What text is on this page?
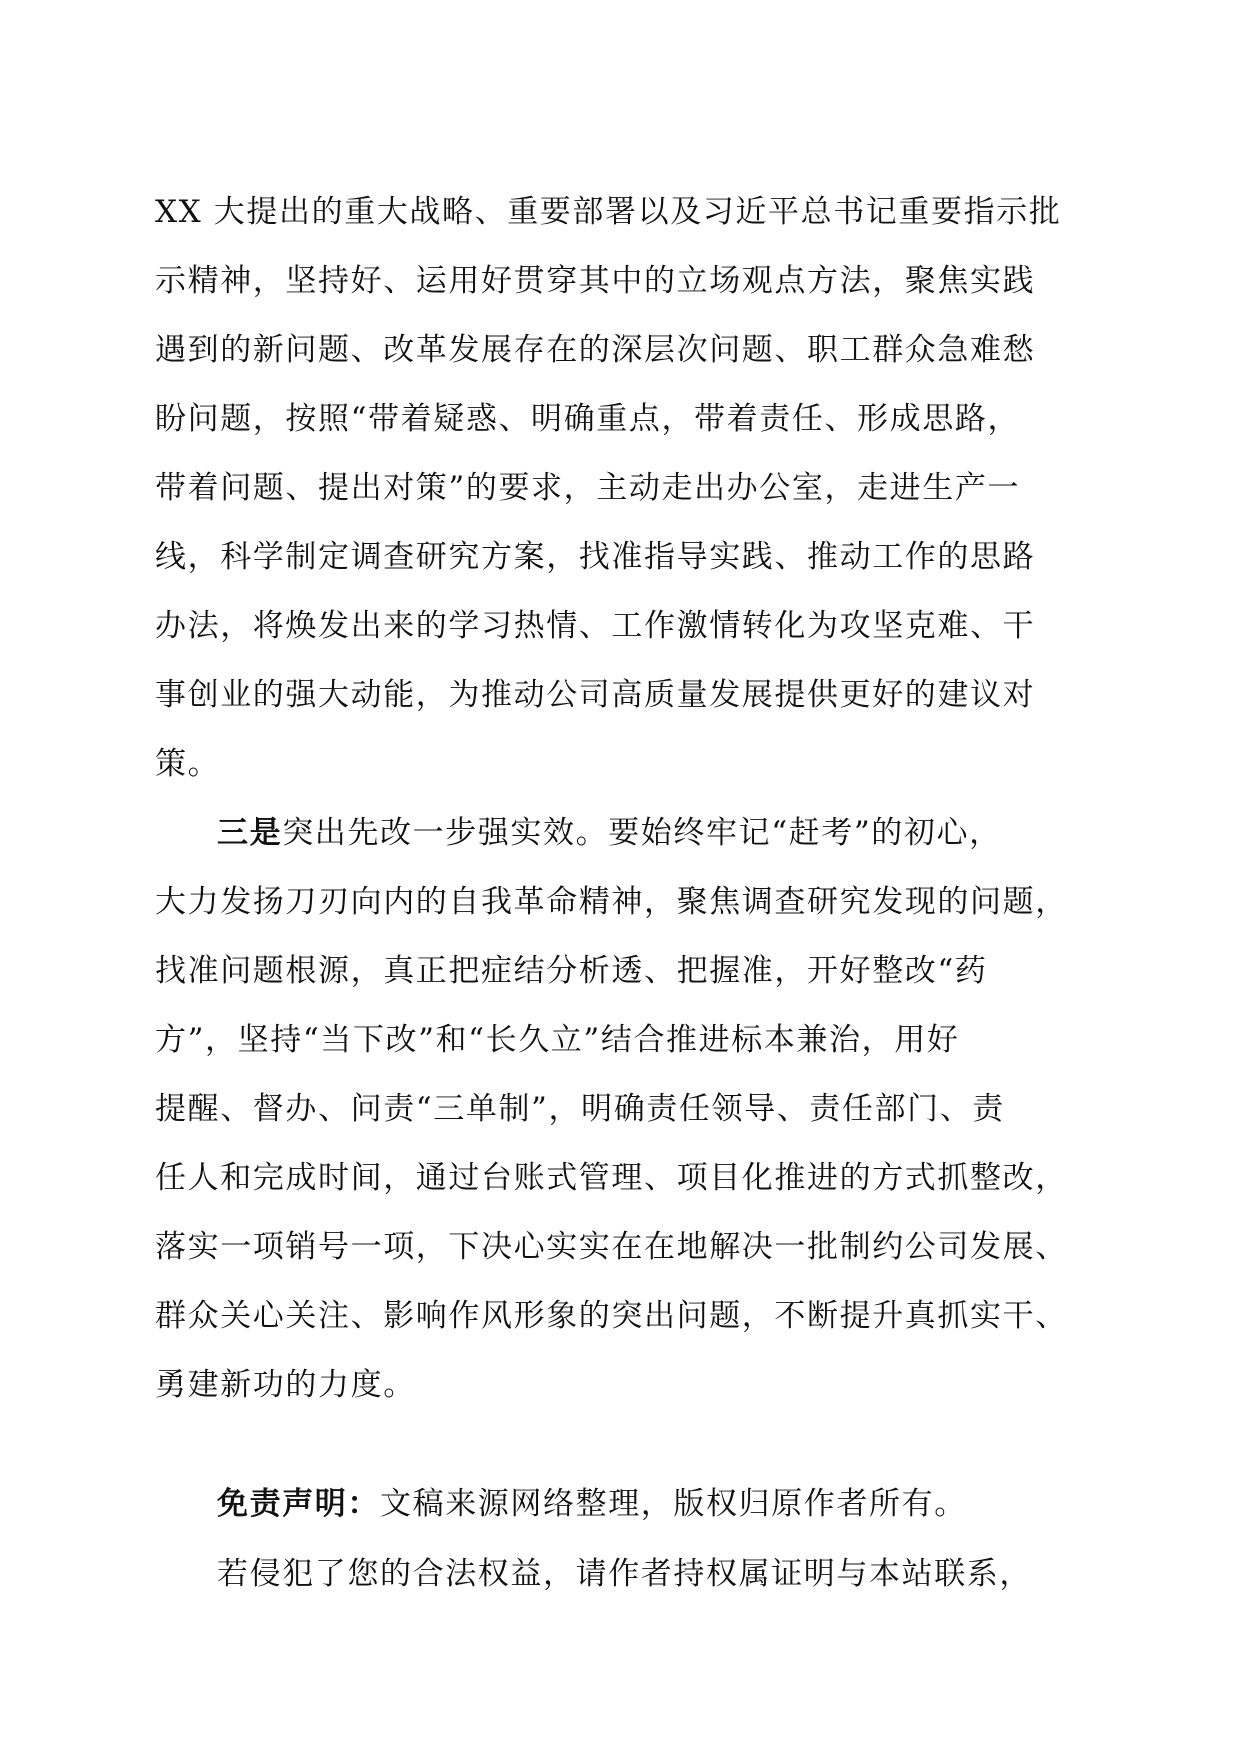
XX 大提出的重大战略、重要部署以及习近平总书记重要指示批
示精神，坚持好、运用好贯穿其中的立场观点方法，聚焦实践
遇到的新问题、改革发展存在的深层次问题、职工群众急难愁
盼问题，按照“带着疑惑、明确重点，带着责任、形成思路，
带着问题、提出对策”的要求，主动走出办公室，走进生产一
线，科学制定调查研究方案，找准指导实践、推动工作的思路
办法，将焕发出来的学习热情、工作激情转化为攻坚克难、干
事创业的强大动能，为推动公司高质量发展提供更好的建议对
策。
三是突出先改一步强实效。要始终牢记“赶考”的初心，
大力发扬刀刃向内的自我革命精神，聚焦调查研究发现的问题，
找准问题根源，真正把症结分析透、把握准，开好整改“药
方”，坚持“当下改”和“长久立”结合推进标本兼治，用好
提醒、督办、问责“三单制”，明确责任领导、责任部门、责
任人和完成时间，通过台账式管理、项目化推进的方式抓整改，
落实一项销号一项，下决心实实在在地解决一批制约公司发展、
群众关心关注、影响作风形象的突出问题，不断提升真抓实干、
勇建新功的力度。
免责声明：文稿来源网络整理，版权归原作者所有。
若侵犯了您的合法权益，请作者持权属证明与本站联系，
